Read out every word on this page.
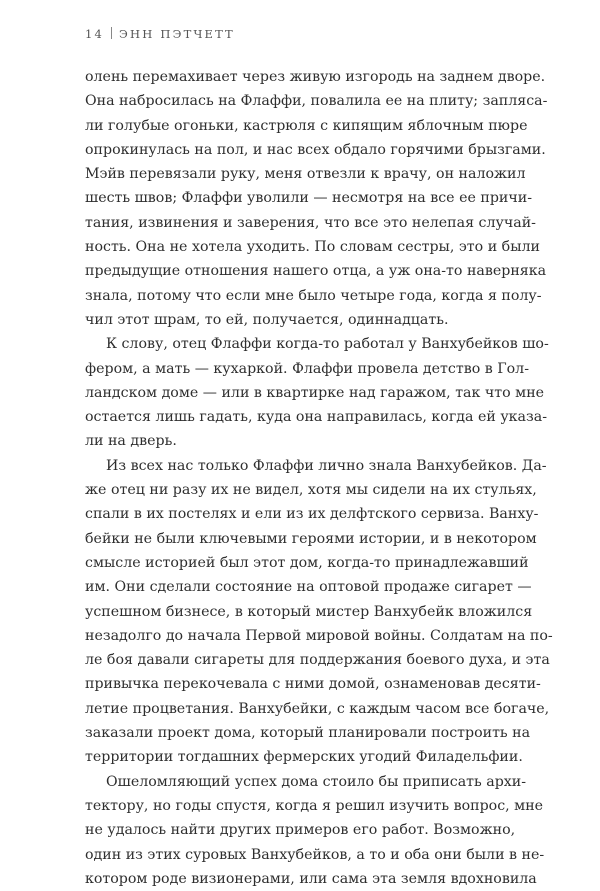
14 ЭНН ПЭТЧЕТТ
олень перемахивает через живую изгородь на заднем дворе.
Она набросилась на Флаффи, повалила ее на плиту; запляса-
ли голубые огоньки, кастрюля с кипящим яблочным пюре
опрокинулась на пол, и нас всех обдало горячими брызгами.
Мэйв перевязали руку, меня отвезли к врачу, он наложил
шесть швов; Флаффи уволили — несмотря на все ее причи-
тания, извинения и заверения, что все это нелепая случай-
ность. Она не хотела уходить. По словам сестры, это и были
предыдущие отношения нашего отца, а уж она-то наверняка
знала, потому что если мне было четыре года, когда я полу-
чил этот шрам, то ей, получается, одиннадцать.
К слову, отец Флаффи когда-то работал у Ванхубейков шо-
фером, а мать — кухаркой. Флаффи провела детство в Гол-
ландском доме — или в квартирке над гаражом, так что мне
остается лишь гадать, куда она направилась, когда ей указа-
ли на дверь.
Из всех нас только Флаффи лично знала Ванхубейков. Да-
же отец ни разу их не видел, хотя мы сидели на их стульях,
спали в их постелях и ели из их делфтского сервиза. Ванху-
бейки не были ключевыми героями истории, и в некотором
смысле историей был этот дом, когда-то принадлежавший
им. Они сделали состояние на оптовой продаже сигарет —
успешном бизнесе, в который мистер Ванхубейк вложился
незадолго до начала Первой мировой войны. Солдатам на по-
ле боя давали сигареты для поддержания боевого духа, и эта
привычка перекочевала с ними домой, ознаменовав десяти-
летие процветания. Ванхубейки, с каждым часом все богаче,
заказали проект дома, который планировали построить на
территории тогдашних фермерских угодий Филадельфии.
Ошеломляющий успех дома стоило бы приписать архи-
тектору, но годы спустя, когда я решил изучить вопрос, мне
не удалось найти других примеров его работ. Возможно,
один из этих суровых Ванхубейков, а то и оба они были в не-
котором роде визионерами, или сама эта земля вдохновила
